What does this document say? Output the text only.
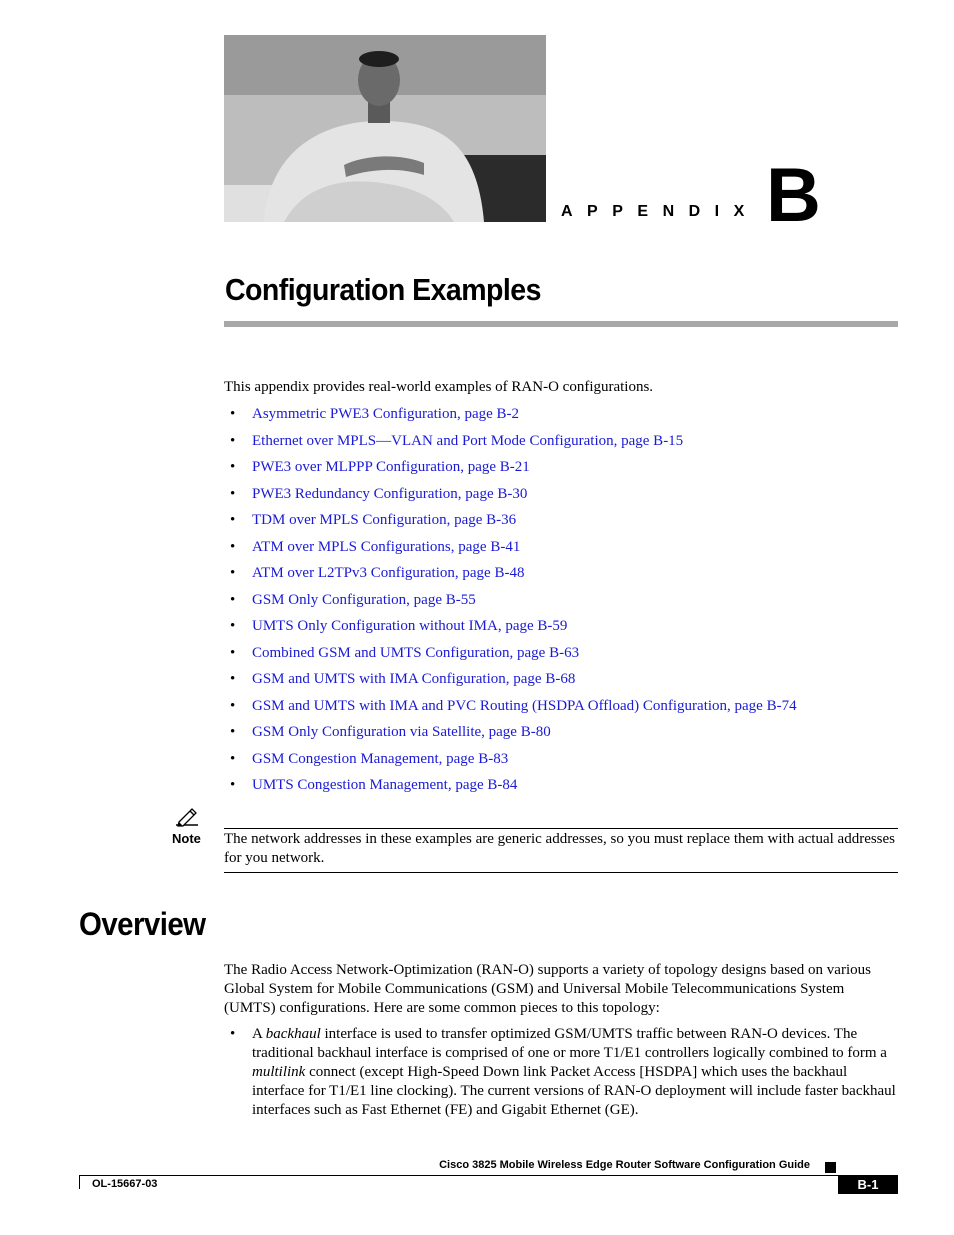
APPENDIX B
Configuration Examples

This appendix provides real-world examples of RAN-O configurations.

• Asymmetric PWE3 Configuration, page B-2
• Ethernet over MPLS—VLAN and Port Mode Configuration, page B-15
• PWE3 over MLPPP Configuration, page B-21
• PWE3 Redundancy Configuration, page B-30
• TDM over MPLS Configuration, page B-36
• ATM over MPLS Configurations, page B-41
• ATM over L2TPv3 Configuration, page B-48
• GSM Only Configuration, page B-55
• UMTS Only Configuration without IMA, page B-59
• Combined GSM and UMTS Configuration, page B-63
• GSM and UMTS with IMA Configuration, page B-68
• GSM and UMTS with IMA and PVC Routing (HSDPA Offload) Configuration, page B-74
• GSM Only Configuration via Satellite, page B-80
• GSM Congestion Management, page B-83
• UMTS Congestion Management, page B-84
Note The network addresses in these examples are generic addresses, so you must replace them with actual addresses for you network.

Overview

The Radio Access Network-Optimization (RAN-O) supports a variety of topology designs based on various Global System for Mobile Communications (GSM) and Universal Mobile Telecommunications System (UMTS) configurations. Here are some common pieces to this topology:

• A backhaul interface is used to transfer optimized GSM/UMTS traffic between RAN-O devices. The traditional backhaul interface is comprised of one or more T1/E1 controllers logically combined to form a multilink connect (except High-Speed Down link Packet Access [HSDPA] which uses the backhaul interface for T1/E1 line clocking). The current versions of RAN-O deployment will include faster backhaul interfaces such as Fast Ethernet (FE) and Gigabit Ethernet (GE).
Cisco 3825 Mobile Wireless Edge Router Software Configuration Guide
OL-15667-03	B-1
